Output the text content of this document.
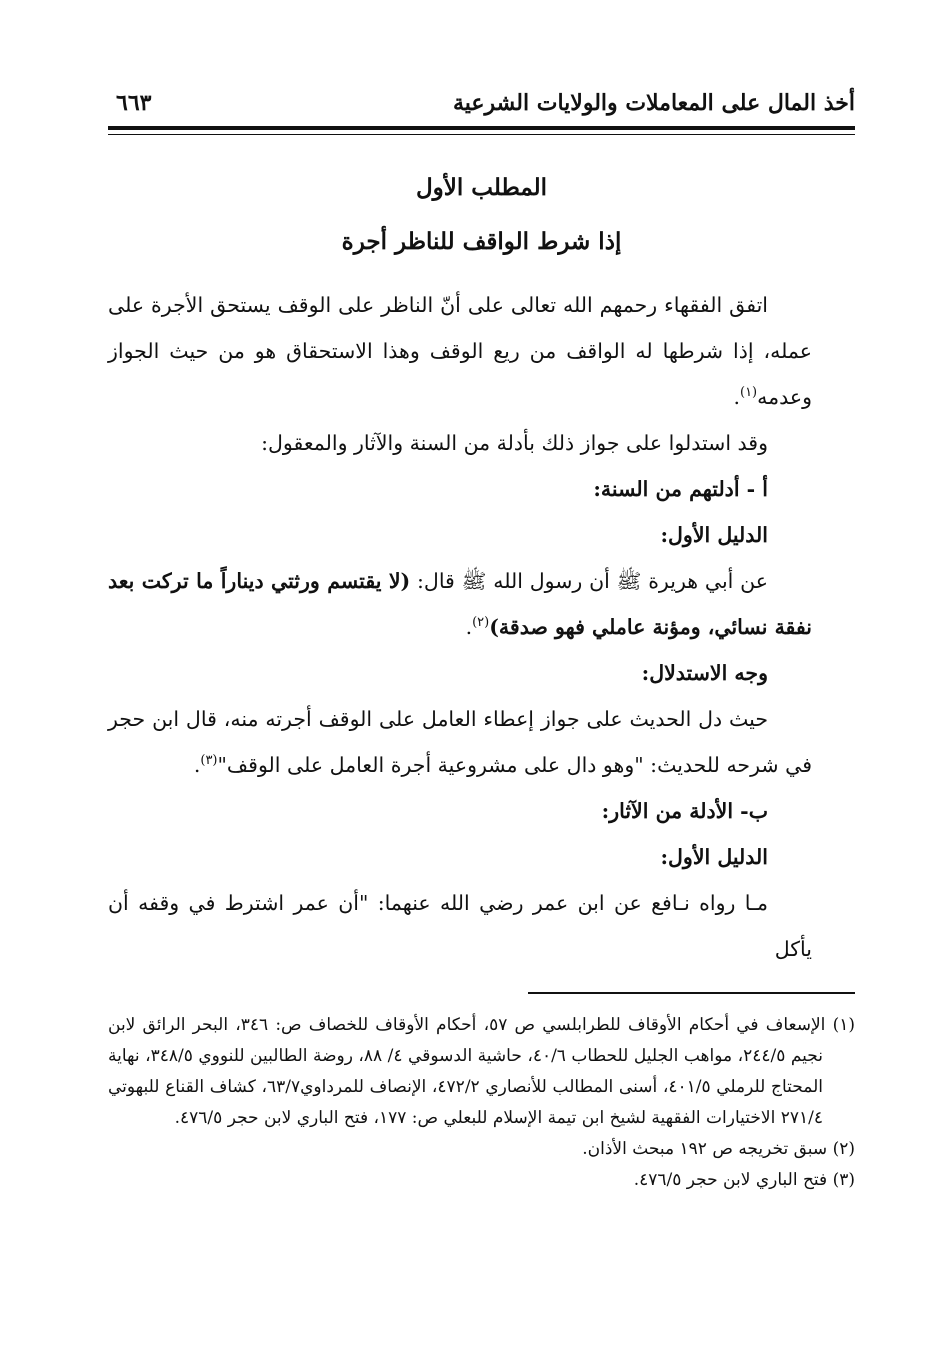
أخذ المال على المعاملات والولايات الشرعية
٦٦٣
المطلب الأول
إذا شرط الواقف للناظر أجرة

اتفق الفقهاء رحمهم الله تعالى على أنّ الناظر على الوقف يستحق الأجرة على عمله، إذا شرطها له الواقف من ريع الوقف وهذا الاستحقاق هو من حيث الجواز وعدمه$^{(١)}$.

وقد استدلوا على جواز ذلك بأدلة من السنة والآثار والمعقول:

أ - أدلتهم من السنة:

الدليل الأول:

عن أبي هريرة ﷺ أن رسول الله ﷺ قال: (لا يقتسم ورثتي ديناراً ما تركت بعد نفقة نسائي، ومؤنة عاملي فهو صدقة)$^{(٢)}$.

وجه الاستدلال:

حيث دل الحديث على جواز إعطاء العامل على الوقف أجرته منه، قال ابن حجر في شرحه للحديث: "وهو دال على مشروعية أجرة العامل على الوقف"$^{(٣)}$.

ب- الأدلة من الآثار:

الدليل الأول:

مـا رواه نـافع عن ابن عمر رضي الله عنهما: "أن عمر اشترط في وقفه أن يأكل

(١) الإسعاف في أحكام الأوقاف للطرابلسي ص ٥٧، أحكام الأوقاف للخصاف ص: ٣٤٦، البحر الرائق لابن نجيم ٢٤٤/٥، مواهب الجليل للحطاب ٤٠/٦، حاشية الدسوقي ٤/ ٨٨، روضة الطالبين للنووي ٣٤٨/٥، نهاية المحتاج للرملي ٤٠١/٥، أسنى المطالب للأنصاري ٤٧٢/٢، الإنصاف للمرداوي٦٣/٧، كشاف القناع للبهوتي ٢٧١/٤ الاختيارات الفقهية لشيخ ابن تيمة الإسلام للبعلي ص: ١٧٧، فتح الباري لابن حجر ٤٧٦/٥.

(٢) سبق تخريجه ص ١٩٢ مبحث الأذان.

(٣) فتح الباري لابن حجر ٤٧٦/٥.
